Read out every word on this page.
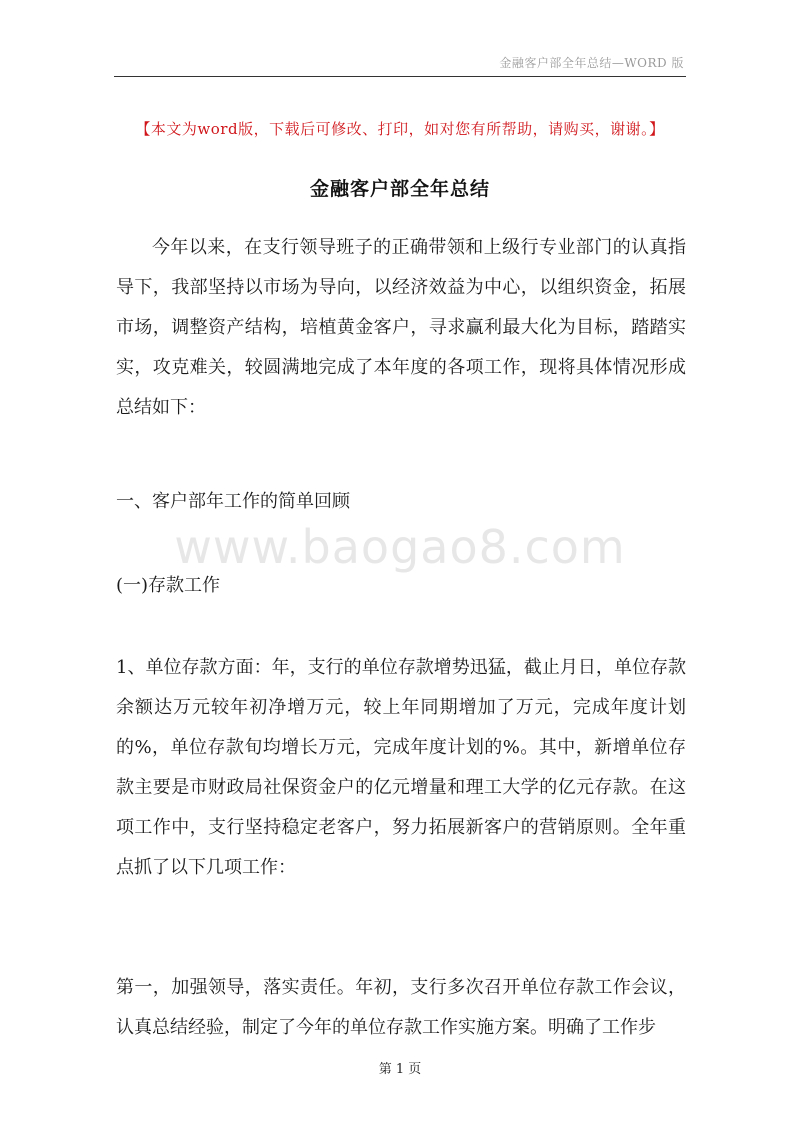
金融客户部全年总结—WORD 版
【本文为word版，下载后可修改、打印，如对您有所帮助，请购买，谢谢。】
金融客户部全年总结
今年以来，在支行领导班子的正确带领和上级行专业部门的认真指导下，我部坚持以市场为导向，以经济效益为中心，以组织资金，拓展市场，调整资产结构，培植黄金客户，寻求赢利最大化为目标，踏踏实实，攻克难关，较圆满地完成了本年度的各项工作，现将具体情况形成总结如下：
一、客户部年工作的简单回顾
www.baogao8.com
(一)存款工作
1、单位存款方面：年，支行的单位存款增势迅猛，截止月日，单位存款余额达万元较年初净增万元，较上年同期增加了万元，完成年度计划的%，单位存款旬均增长万元，完成年度计划的%。其中，新增单位存款主要是市财政局社保资金户的亿元增量和理工大学的亿元存款。在这项工作中，支行坚持稳定老客户，努力拓展新客户的营销原则。全年重点抓了以下几项工作：
第一，加强领导，落实责任。年初，支行多次召开单位存款工作会议，认真总结经验，制定了今年的单位存款工作实施方案。明确了工作步
第 1 页
